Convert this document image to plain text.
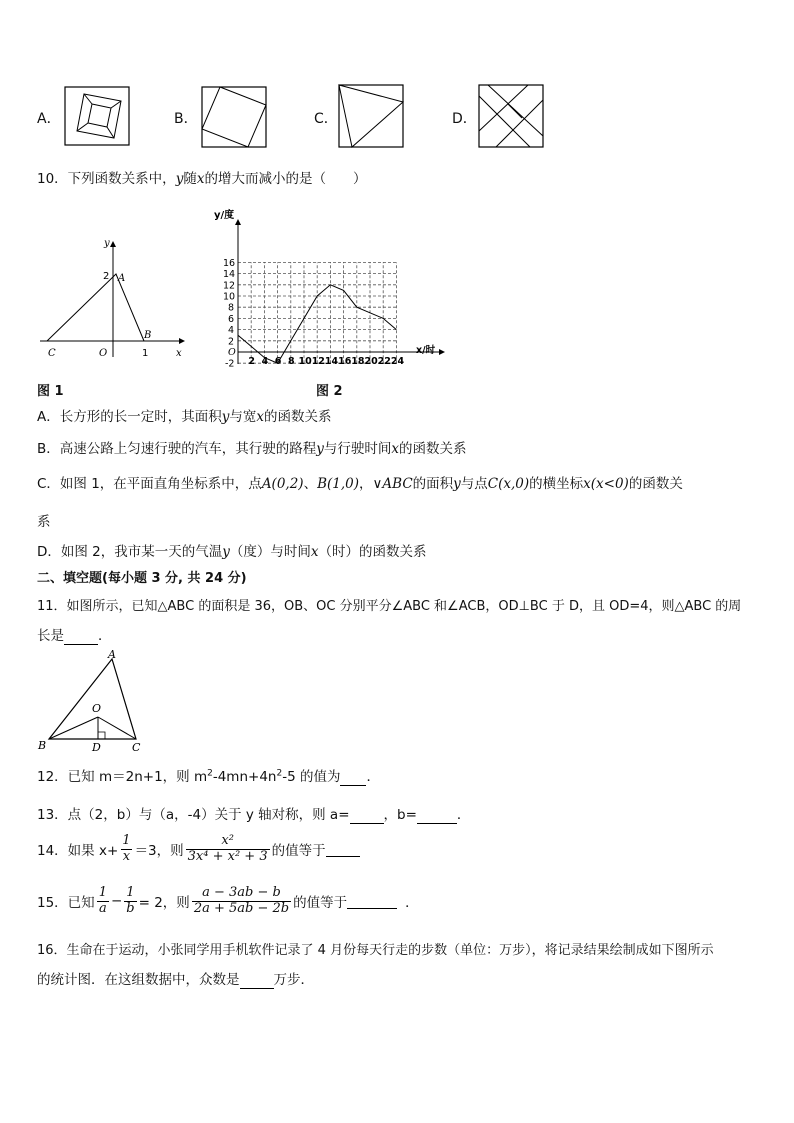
A．	B．	C．	D．
10．下列函数关系中，y随x的增大而减小的是（　　）
y
x
2 A
B
C	O	1
图 1
y/度
16
14
12
10
8
6
4
2
-2 2 4 6 8 10 12 14 16 18 20 22 24
O	x/时
图 2
A．长方形的长一定时，其面积y与宽x的函数关系
B．高速公路上匀速行驶的汽车，其行驶的路程y与行驶时间x的函数关系
C．如图 1，在平面直角坐标系中，点A(0,2)、B(1,0)，∨ABC的面积y与点C(x,0)的横坐标x(x<0)的函数关
系
D．如图 2，我市某一天的气温y（度）与时间x（时）的函数关系
二、填空题(每小题 3 分, 共 24 分)
11．如图所示，已知△ABC 的面积是 36，OB、OC 分别平分∠ABC 和∠ACB，OD⊥BC 于 D，且 OD=4，则△ABC 的周
长是	．
A
B	C
D
O
12．已知 m＝2n+1，则 $m^2-4mn+4n^2-5$ 的值为 ．
13．点（2，b）与（a，-4）关于 y 轴对称，则 a=	，b=	．
14．如果 $x+ \frac{1}{x} =3$，则 $\frac{\text{x²}}{\text{3x⁴ + x² + 3}}$ 的值等于

15．已知 $\frac{1}{a} - \frac{1}{b} = 2$，则 $\frac{a - 3ab - b}{2a + 5ab - 2b}$ 的值等于
	．
16．生命在于运动，小张同学用手机软件记录了 4 月份每天行走的步数（单位：万步），将记录结果绘制成如下图所示
的统计图．在这组数据中，众数是	万步．
